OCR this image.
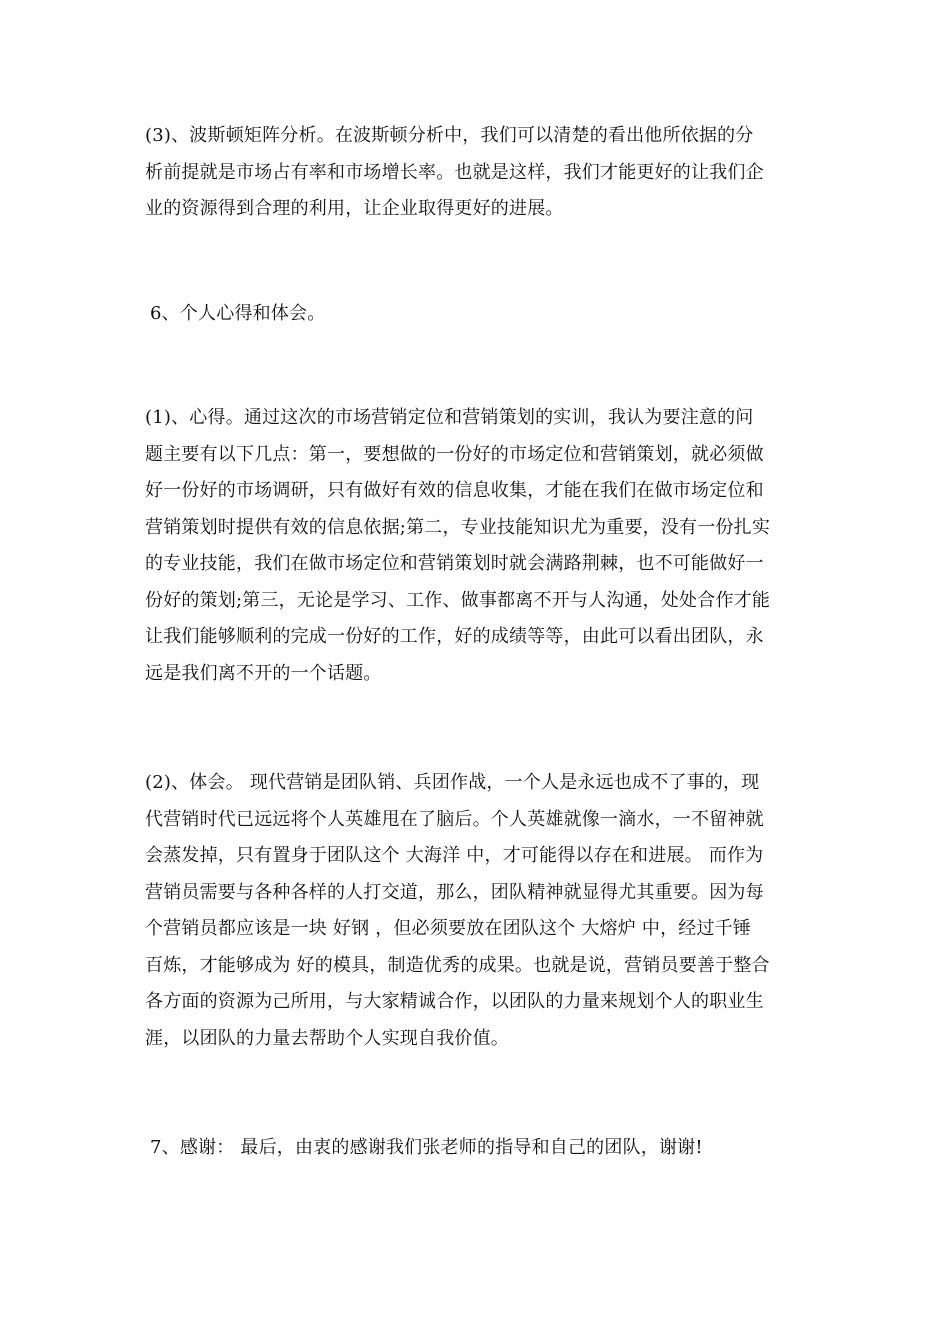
(3)、波斯顿矩阵分析。在波斯顿分析中，我们可以清楚的看出他所依据的分
析前提就是市场占有率和市场增长率。也就是这样，我们才能更好的让我们企
业的资源得到合理的利用，让企业取得更好的进展。
6、个人心得和体会。
(1)、心得。通过这次的市场营销定位和营销策划的实训，我认为要注意的问
题主要有以下几点：第一，要想做的一份好的市场定位和营销策划，就必须做
好一份好的市场调研，只有做好有效的信息收集，才能在我们在做市场定位和
营销策划时提供有效的信息依据;第二，专业技能知识尤为重要，没有一份扎实
的专业技能，我们在做市场定位和营销策划时就会满路荆棘，也不可能做好一
份好的策划;第三，无论是学习、工作、做事都离不开与人沟通，处处合作才能
让我们能够顺利的完成一份好的工作，好的成绩等等，由此可以看出团队，永
远是我们离不开的一个话题。
(2)、体会。 现代营销是团队销、兵团作战，一个人是永远也成不了事的，现
代营销时代已远远将个人英雄甩在了脑后。个人英雄就像一滴水，一不留神就
会蒸发掉，只有置身于团队这个 大海洋 中，才可能得以存在和进展。 而作为
营销员需要与各种各样的人打交道，那么，团队精神就显得尤其重要。因为每
个营销员都应该是一块 好钢 ，但必须要放在团队这个 大熔炉 中，经过千锤
百炼，才能够成为 好的模具，制造优秀的成果。也就是说，营销员要善于整合
各方面的资源为己所用，与大家精诚合作，以团队的力量来规划个人的职业生
涯，以团队的力量去帮助个人实现自我价值。
7、感谢： 最后，由衷的感谢我们张老师的指导和自己的团队，谢谢!
